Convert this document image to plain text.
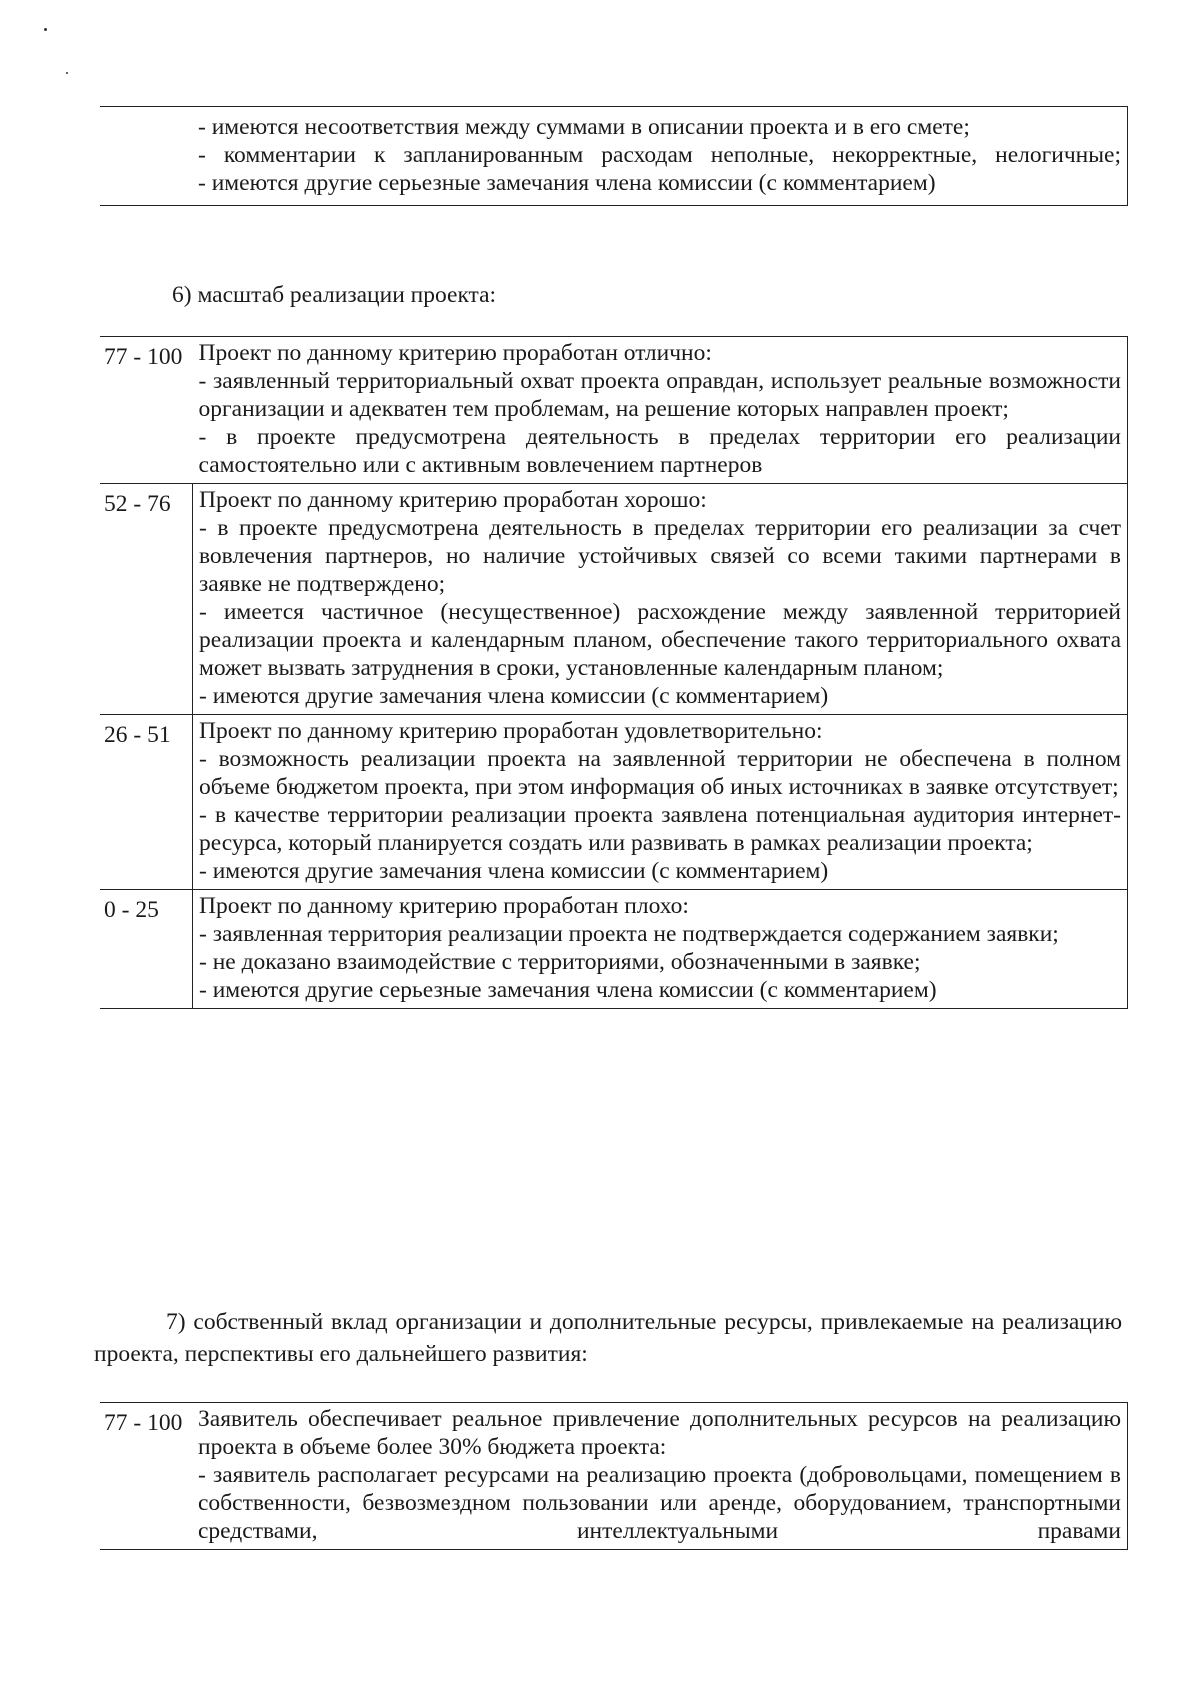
- имеются несоответствия между суммами в описании проекта и в его смете;
- комментарии к запланированным расходам неполные, некорректные, нелогичные;
- имеются другие серьезные замечания члена комиссии (с комментарием)
6) масштаб реализации проекта:
77 - 100	Проект по данному критерию проработан отлично:
- заявленный территориальный охват проекта оправдан, использует реальные возможности организации и адекватен тем проблемам, на решение которых направлен проект;
- в проекте предусмотрена деятельность в пределах территории его реализации самостоятельно или с активным вовлечением партнеров

52 - 76	Проект по данному критерию проработан хорошо:
- в проекте предусмотрена деятельность в пределах территории его реализации за счет вовлечения партнеров, но наличие устойчивых связей со всеми такими партнерами в заявке не подтверждено;
- имеется частичное (несущественное) расхождение между заявленной территорией реализации проекта и календарным планом, обеспечение такого территориального охвата может вызвать затруднения в сроки, установленные календарным планом;
- имеются другие замечания члена комиссии (с комментарием)

26 - 51	Проект по данному критерию проработан удовлетворительно:
- возможность реализации проекта на заявленной территории не обеспечена в полном объеме бюджетом проекта, при этом информация об иных источниках в заявке отсутствует;
- в качестве территории реализации проекта заявлена потенциальная аудитория интернет-ресурса, который планируется создать или развивать в рамках реализации проекта;
- имеются другие замечания члена комиссии (с комментарием)

0 - 25	Проект по данному критерию проработан плохо:
- заявленная территория реализации проекта не подтверждается содержанием заявки;
- не доказано взаимодействие с территориями, обозначенными в заявке;
- имеются другие серьезные замечания члена комиссии (с комментарием)
7) собственный вклад организации и дополнительные ресурсы, привлекаемые на реализацию проекта, перспективы его дальнейшего развития:
77 - 100	Заявитель обеспечивает реальное привлечение дополнительных ресурсов на реализацию проекта в объеме более 30% бюджета проекта:
- заявитель располагает ресурсами на реализацию проекта (добровольцами, помещением в собственности, безвозмездном пользовании или аренде, оборудованием, транспортными средствами, интеллектуальными правами
